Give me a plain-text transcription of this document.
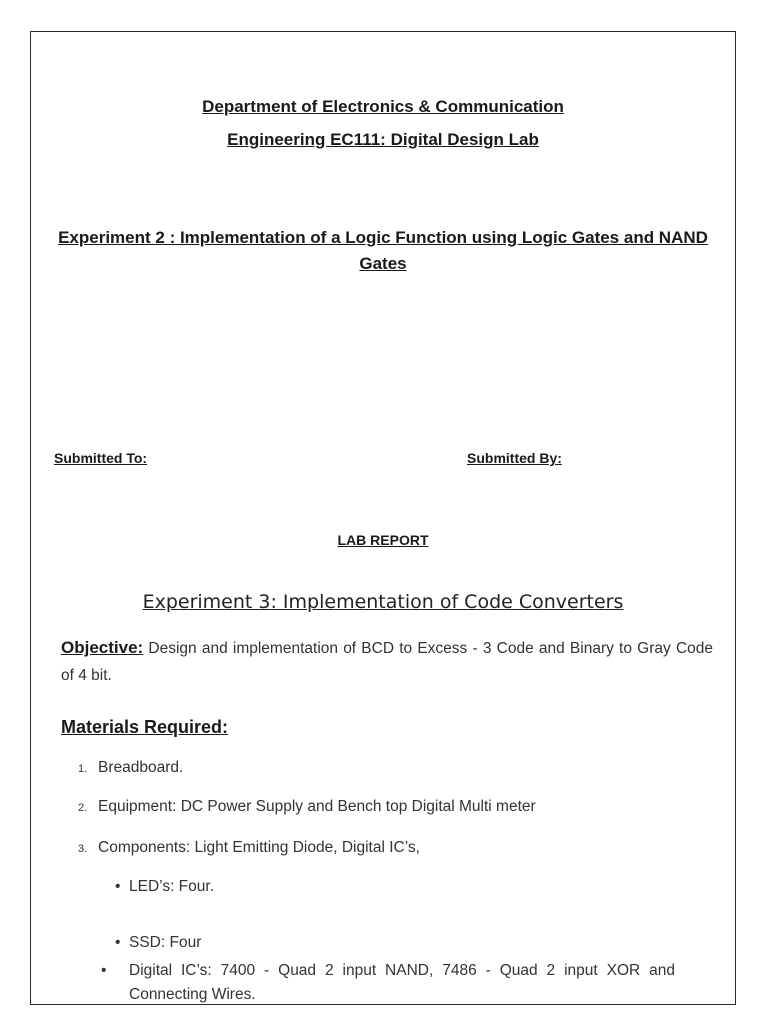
Department of Electronics & Communication
Engineering EC111: Digital Design Lab
Experiment 2 : Implementation of a Logic Function using Logic Gates and NAND Gates
Submitted To:	Submitted By:
LAB REPORT
Experiment 3: Implementation of Code Converters
Objective: Design and implementation of BCD to Excess - 3 Code and Binary to Gray Code of 4 bit.
Materials Required:
1. Breadboard.
2. Equipment: DC Power Supply and Bench top Digital Multi meter
3. Components: Light Emitting Diode, Digital IC’s,
• LED’s: Four.
• SSD: Four
• Digital IC’s: 7400 - Quad 2 input NAND, 7486 - Quad 2 input XOR and Connecting Wires.
